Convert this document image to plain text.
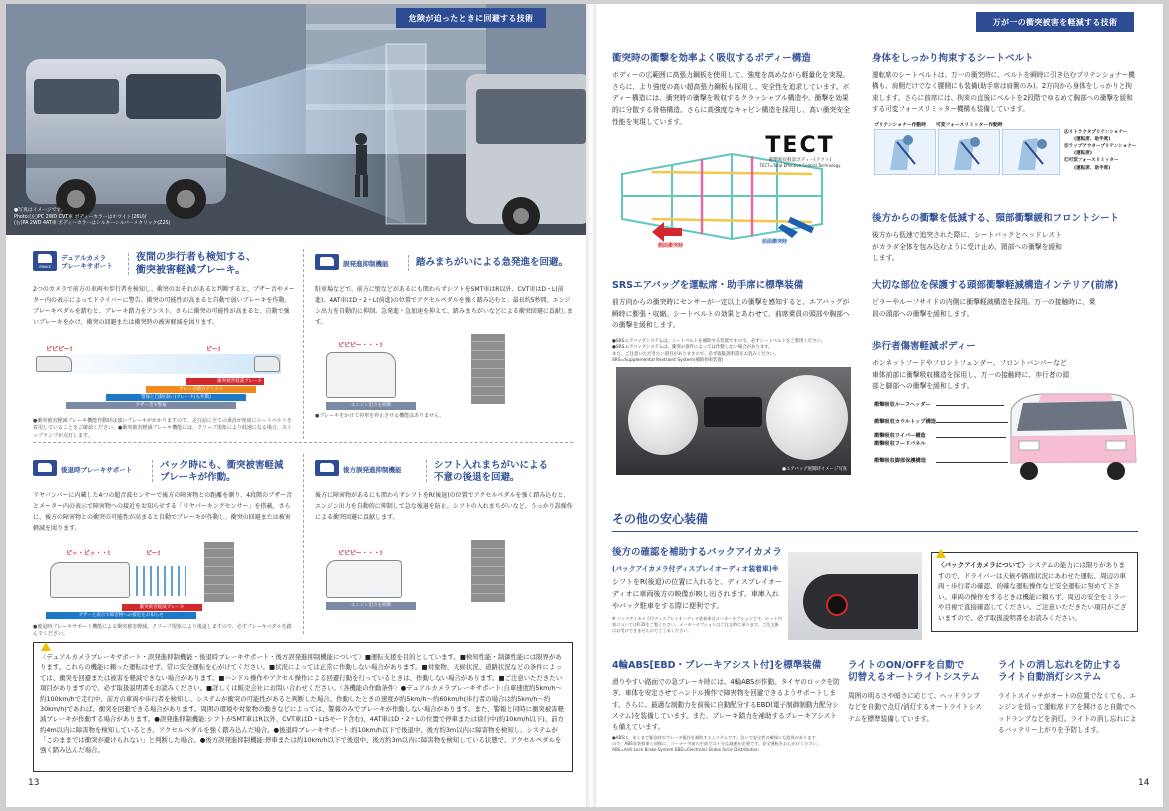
危険が迫ったときに回避する技術
●写真はイメージです。
Photo:(左)PC 2WD CVT車 ボディーカラーはホワイト(26U)/
(右)PA 2WD 4AT車 ボディーカラーはシルキーシルバーメタリック(Z2S)
BRAKE
デュアルカメラ
ブレーキサポート
夜間の歩行者も検知する、
衝突被害軽減ブレーキ。
2つのカメラで前方の車両や歩行者を検知し、衝突のおそれがあると判断すると、ブザー音やメーター内の表示によってドライバーに警告。衝突の可能性が高まると自動で弱いブレーキを作動。ブレーキペダルを踏むと、ブレーキ踏力をアシスト。さらに衝突の可能性が高まると、自動で強いブレーキをかけ、衝突の回避または衝突時の被害軽減を図ります。
ピピピー!	ピー!
衝突被害軽減ブレーキ
ブレーキ踏力アシスト
警報と自動(弱い)ブレーキ(も作動)
ブザー音で警報
●衝突被害軽減ブレーキ機能作動時は強いブレーキがかかりますので、走行前に全ての乗員が座席にシートベルトを着用していることをご確認ください。●衝突被害軽減ブレーキ機能には、クリープ現象により低速になる場合、ストップランプが点灯します。
誤発進抑制機能	踏みまちがいによる急発進を回避。
駐車場などで、前方に壁などがあるにも関わらずシフトをSMT車はR以外、CVT車はD・L(前進)、4AT車はD・2・L(前進)の位置でアクセルペダルを強く踏み込むと、最長約5秒間、エンジン出力を自動的に抑制。急発進・急加速を抑えて、踏みまちがいなどによる衝突回避に貢献します。
ピピピー・・・!
エンジン出力を抑制
●ブレーキをかけて停車を停止させる機能はありません。
後退時ブレーキサポート	バック時にも、衝突被害軽減
ブレーキが作動。
リヤバンパーに内蔵した4つの超音波センサーで後方の障害物との距離を測り、4段階のブザー音とメーター内の表示で障害物への接近をお知らせする「リヤパーキングセンサー」を搭載。さらに、後方の障害物との衝突の可能性が高まると自動でブレーキが作動し、衝突の回避または被害軽減を図ります。
ピッ・ピッ・・!	ピー!
衝突被害軽減ブレーキ
ブザーと表示で障害物への接近をお知らせ
●後退時ブレーキサポート機能による衝突被害軽減。クリープ現象により後退しますので、必ずブレーキペダルを踏んでください。
後方誤発進抑制機能	シフト入れまちがいによる
不意の後退を回避。
後方に障害物があるにも関わらずシフトをR(後退)の位置でアクセルペダルを強く踏み込むと、エンジン出力を自動的に抑制して急な後退を防止。シフトの入れまちがいなど、うっかり誤操作による衝突回避に貢献します。
ピピピー・・・!
エンジン出力を抑制
〈デュアルカメラブレーキサポート・誤発進抑制機能・後退時ブレーキサポート・後方誤発進抑制機能について〉■運転支援を目的としています。■検知性能・制御性能には限界があります。これらの機能に頼った運転はせず、常に安全運転を心がけてください。■状況によっては正常に作動しない場合があります。■対象物、天候状況、道路状況などの条件によっては、衝突を回避または被害を軽減できない場合があります。■ハンドル操作やアクセル操作による回避行動を行っているときは、作動しない場合があります。■ご注意いただきたい項目がありますので、必ず取扱説明書をお読みください。■詳しくは販売会社にお問い合わせください。〈各機能の作動条件〉●デュアルカメラブレーキサポート:自車速度約5km/h～約100km/hで走行中、前方の車両や歩行者を検知し、システムが衝突の可能性があると判断した場合。作動したときの速度が約5km/h～約60km/h(歩行者の場合は約5km/h～約30km/h)であれば、衝突を回避できる場合があります。周囲の環境や対象物の動きなどによっては、警報のみでブレーキが作動しない場合があります。また、警報と同時に衝突被害軽減ブレーキが作動する場合があります。●誤発進抑制機能:シフトがSMT車はR以外、CVT車はD・L(Sモード含む)、4AT車はD・2・Lの位置で停車または徐行中(約10km/h以下)、前方約4m以内に障害物を検知しているとき、アクセルペダルを強く踏み込んだ場合。●後退時ブレーキサポート:約10km/h以下で後退中、後方約3m以内に障害物を検知し、システムが「このままでは衝突が避けられない」と判断した場合。●後方誤発進抑制機能:停車または約10km/h以下で後退中、後方約3m以内に障害物を検知している状態で、アクセルペダルを強く踏み込んだ場合。
13
万が一の衝突被害を軽減する技術
衝突時の衝撃を効率よく吸収するボディー構造
ボディーの広範囲に高張力鋼板を使用して、強度を高めながら軽量化を実現。さらに、より強度の高い超高張力鋼板も採用し、安全性を追求しています。ボディー構造には、衝突時の衝撃を吸収するクラッシャブル構造や、衝撃を効果的に分散する骨格構造。さらに高強度なキャビン構造を採用し、高い衝突安全性能を実現しています。
側面衝突時
前面衝突時
TECT
衝撃吸収軽量ボディー[テクト]
TECT=Total Effective Control Technology
身体をしっかり拘束するシートベルト
運転席のシートベルトは、万一の衝突時に、ベルトを瞬時に引き込むプリテンショナー機構も、肩側だけでなく腰側にも装備(助手席は肩側のみ)。2方向から身体をしっかりと拘束します。さらに前席には、拘束の直後にベルトを2段階でゆるめて胸部への衝撃を緩和する可変フォースリミッター機構も装備しています。
プリテンショナー作動時 可変フォースリミッター作動時
Ⓐリトラクタプリテンショナー
(運転席、助手席)
Ⓑラップアウタープリテンショナー
(運転席)
Ⓒ可変フォースリミッター
(運転席、助手席)
後方からの衝撃を低減する、頸部衝撃緩和フロントシート
後方から低速で追突された際に、シートバックとヘッドレストがカラダ全体を包み込むように受け止め、頸部への衝撃を緩和します。
SRSエアバッグを運転席・助手席に標準装備
前方向からの衝突時にセンサーが一定以上の衝撃を感知すると、エアバッグが瞬時に膨張・収縮。シートベルトの効果とあわせて、前席乗員の頭部や胸部への衝撃を緩和します。
●SRSエアバッグシステムは、シートベルトを補助する装置ですので、必ずシートベルトをご着用ください。
●SRSエアバッグシステムは、衝突の条件によっては作動しない場合があります。
また、ご注意いただきたい項目がありますので、必ず取扱説明書をお読みください。
SRS=Supplemental Restraint System(補助拘束装置)
●エアバッグ展開時イメージ写真
大切な部位を保護する頭部衝撃軽減構造インテリア(前席)
ピラーやルーフサイドの内側に衝撃軽減構造を採用。万一の接触時に、乗員の頭部への衝撃を緩和します。
歩行者傷害軽減ボディー
ボンネットフードやフロントフェンダー、フロントバンパーなど車体前部に衝撃吸収構造を採用し、万一の接触時に、歩行者の頭部と脚部への衝撃を緩和します。
衝撃吸収ルーフヘッダー
衝撃吸収カウルトップ構造
衝撃吸収ワイパー構造
衝撃吸収フードパネル
衝撃吸収脚部保護構造
その他の安心装備
後方の確認を補助するバックアイカメラ
(バックアイカメラ付ディスプレイオーディオ装着車)※
シフトをR(後退)の位置に入れると、ディスプレイオーディオに車両後方の映像が映し出されます。車庫入れやバック駐車をする際に便利です。
※ バックアイカメラ付ディスプレイオーディオ装着車はメーカーオプションです。セット内容についてはP.35をご覧ください。メーカーオプションはご注文時に承ります。ご注文後はお受けできませんのでご了承ください。
〈バックアイカメラについて〉システムの能力には限りがありますので、ドライバーは天候や路面状況にあわせた運転、周辺の車両・歩行者の確認、的確な運転操作など安全運転に努めて下さい。車両の操作をするときは機能に頼らず、周辺の安全をミラーや目視で直接確認してください。ご注意いただきたい項目がございますので、必ず取扱説明書をお読みください。
4輪ABS[EBD・ブレーキアシスト付]を標準装備
滑りやすい路面での急ブレーキ時には、4輪ABSが作動。タイヤのロックを防ぎ、車体を安定させてハンドル操作で障害物を回避できるようサポートします。さらに、最適な制動力を前後に自動配分するEBD(電子制御制動力配分システム)を装備しています。また、ブレーキ踏力を補助するブレーキアシストも備えています。
●ABSは、あくまで緊急時のブレーキ操作を補助するシステムです。急いで安全性の確保にも限界があります
ので、ABS非装着車と同様に、コーナー手前の手前では十分な減速が必要です。安全運転をお心がけください。
ABS=Anti-Lock Brake System EBD=Electronic Brake force Distribution
ライトのON/OFFを自動で
切替えるオートライトシステム
周囲の明るさや暗さに応じて、ヘッドランプなどを自動で点灯/消灯するオートライトシステムを標準装備しています。
ライトの消し忘れを防止する
ライト自動消灯システム
ライトスイッチがオートの位置でなくても、エンジンを切って運転席ドアを開けると自動でヘッドランプなどを消灯。ライトの消し忘れによるバッテリー上がりを予防します。
14
